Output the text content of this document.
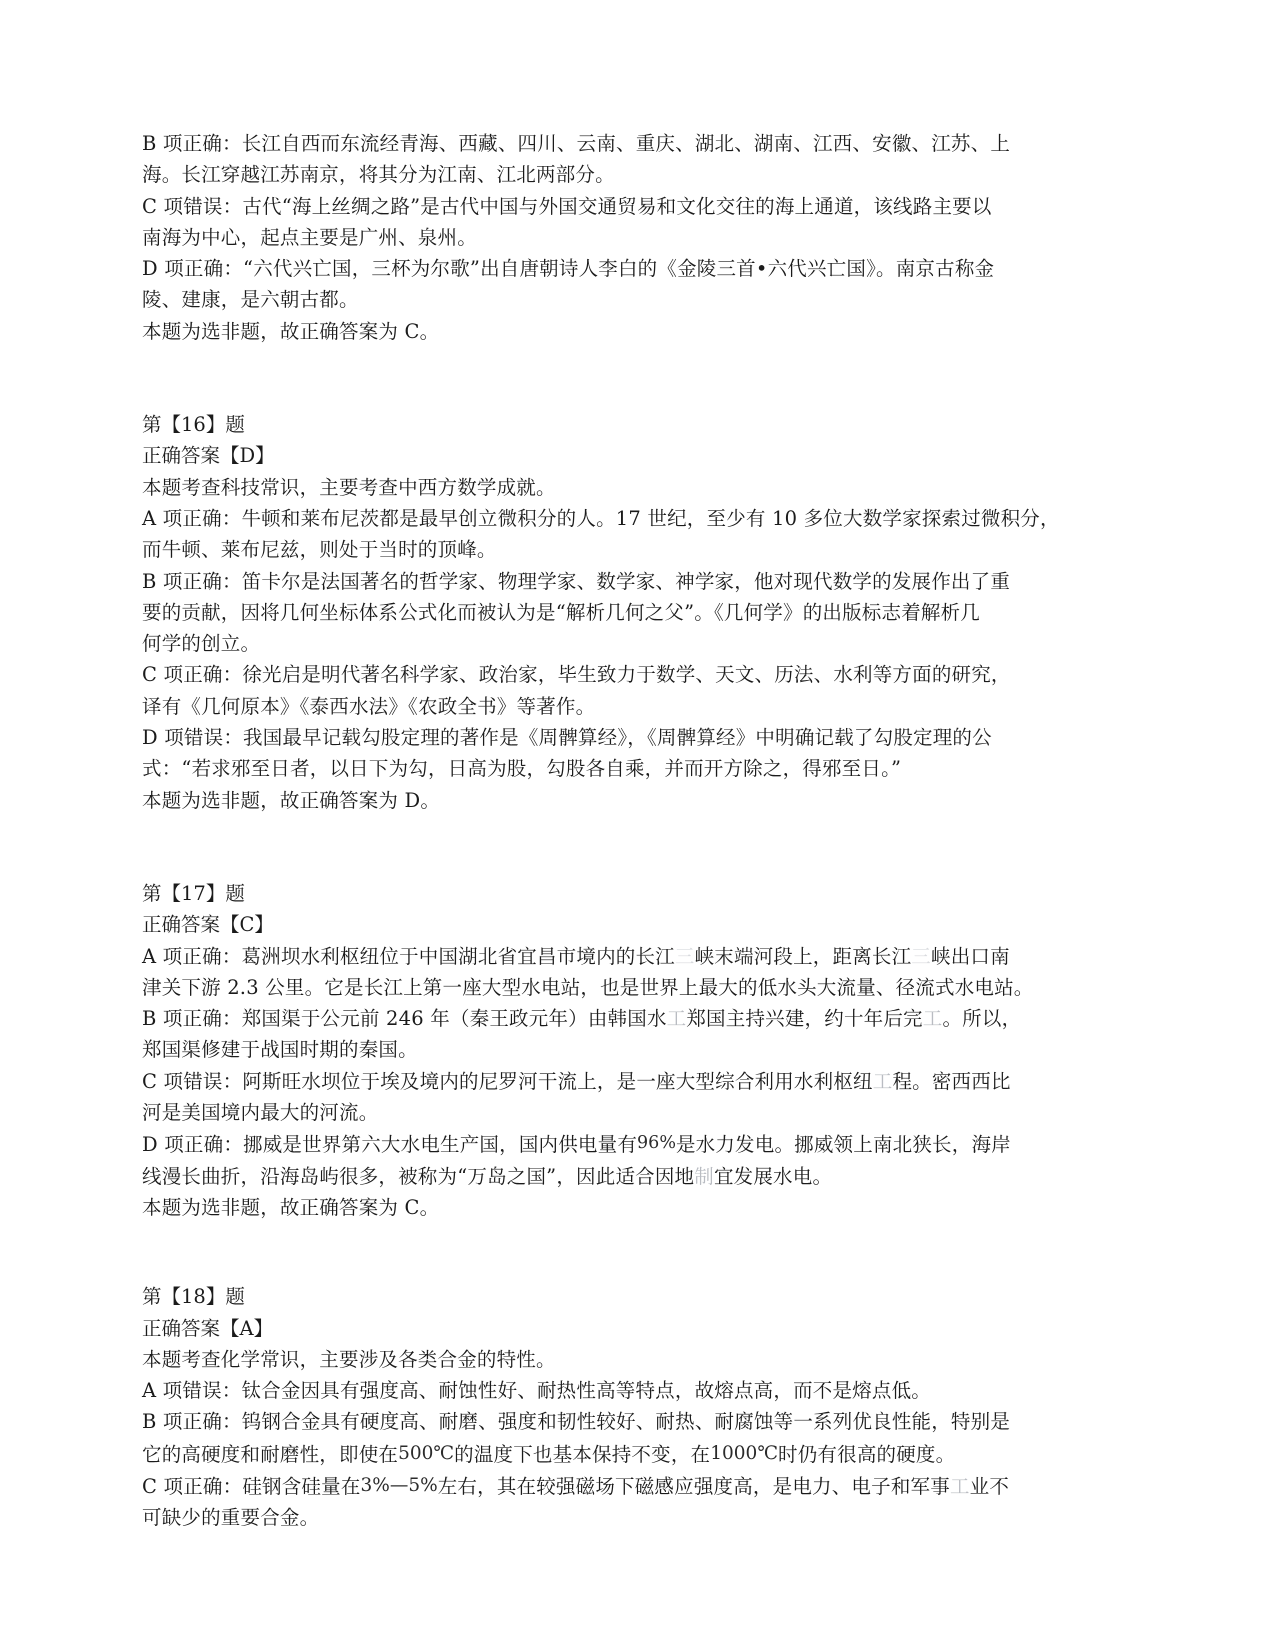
B 项正确：长江自西而东流经青海、西藏、四川、云南、重庆、湖北、湖南、江西、安徽、江苏、上

海。长江穿越江苏南京，将其分为江南、江北两部分。

C 项错误：古代“海上丝绸之路”是古代中国与外国交通贸易和文化交往的海上通道，该线路主要以

南海为中心，起点主要是广州、泉州。

D 项正确：“六代兴亡国，三杯为尔歌”出自唐朝诗人李白的《金陵三首•六代兴亡国》。南京古称金

陵、建康，是六朝古都。

本题为选非题，故正确答案为 C。

第【16】题

正确答案【D】

本题考查科技常识，主要考查中西方数学成就。

A 项正确：牛顿和莱布尼茨都是最早创立微积分的人。17 世纪，至少有 10 多位大数学家探索过微积分，

而牛顿、莱布尼兹，则处于当时的顶峰。

B 项正确：笛卡尔是法国著名的哲学家、物理学家、数学家、神学家，他对现代数学的发展作出了重

要的贡献，因将几何坐标体系公式化而被认为是“解析几何之父”。《几何学》的出版标志着解析几

何学的创立。

C 项正确：徐光启是明代著名科学家、政治家，毕生致力于数学、天文、历法、水利等方面的研究，

译有《几何原本》《泰西水法》《农政全书》等著作。

D 项错误：我国最早记载勾股定理的著作是《周髀算经》，《周髀算经》中明确记载了勾股定理的公

式：“若求邪至日者，以日下为勾，日高为股，勾股各自乘，并而开方除之，得邪至日。”

本题为选非题，故正确答案为 D。

第【17】题

正确答案【C】

A 项正确：葛洲坝水利枢纽位于中国湖北省宜昌市境内的长江三峡末端河段上，距离长江三峡出口南

津关下游 2.3 公里。它是长江上第一座大型水电站，也是世界上最大的低水头大流量、径流式水电站。

B 项正确：郑国渠于公元前 246 年（秦王政元年）由韩国水工郑国主持兴建，约十年后完工。所以，

郑国渠修建于战国时期的秦国。

C 项错误：阿斯旺水坝位于埃及境内的尼罗河干流上，是一座大型综合利用水利枢纽工程。密西西比

河是美国境内最大的河流。

D 项正确：挪威是世界第六大水电生产国，国内供电量有96%是水力发电。挪威领上南北狭长，海岸

线漫长曲折，沿海岛屿很多，被称为“万岛之国”，因此适合因地制宜发展水电。

本题为选非题，故正确答案为 C。

第【18】题

正确答案【A】

本题考查化学常识，主要涉及各类合金的特性。

A 项错误：钛合金因具有强度高、耐蚀性好、耐热性高等特点，故熔点高，而不是熔点低。

B 项正确：钨钢合金具有硬度高、耐磨、强度和韧性较好、耐热、耐腐蚀等一系列优良性能，特别是

它的高硬度和耐磨性，即使在500℃的温度下也基本保持不变，在1000℃时仍有很高的硬度。

C 项正确：硅钢含硅量在3%—5%左右，其在较强磁场下磁感应强度高，是电力、电子和军事工业不

可缺少的重要合金。
